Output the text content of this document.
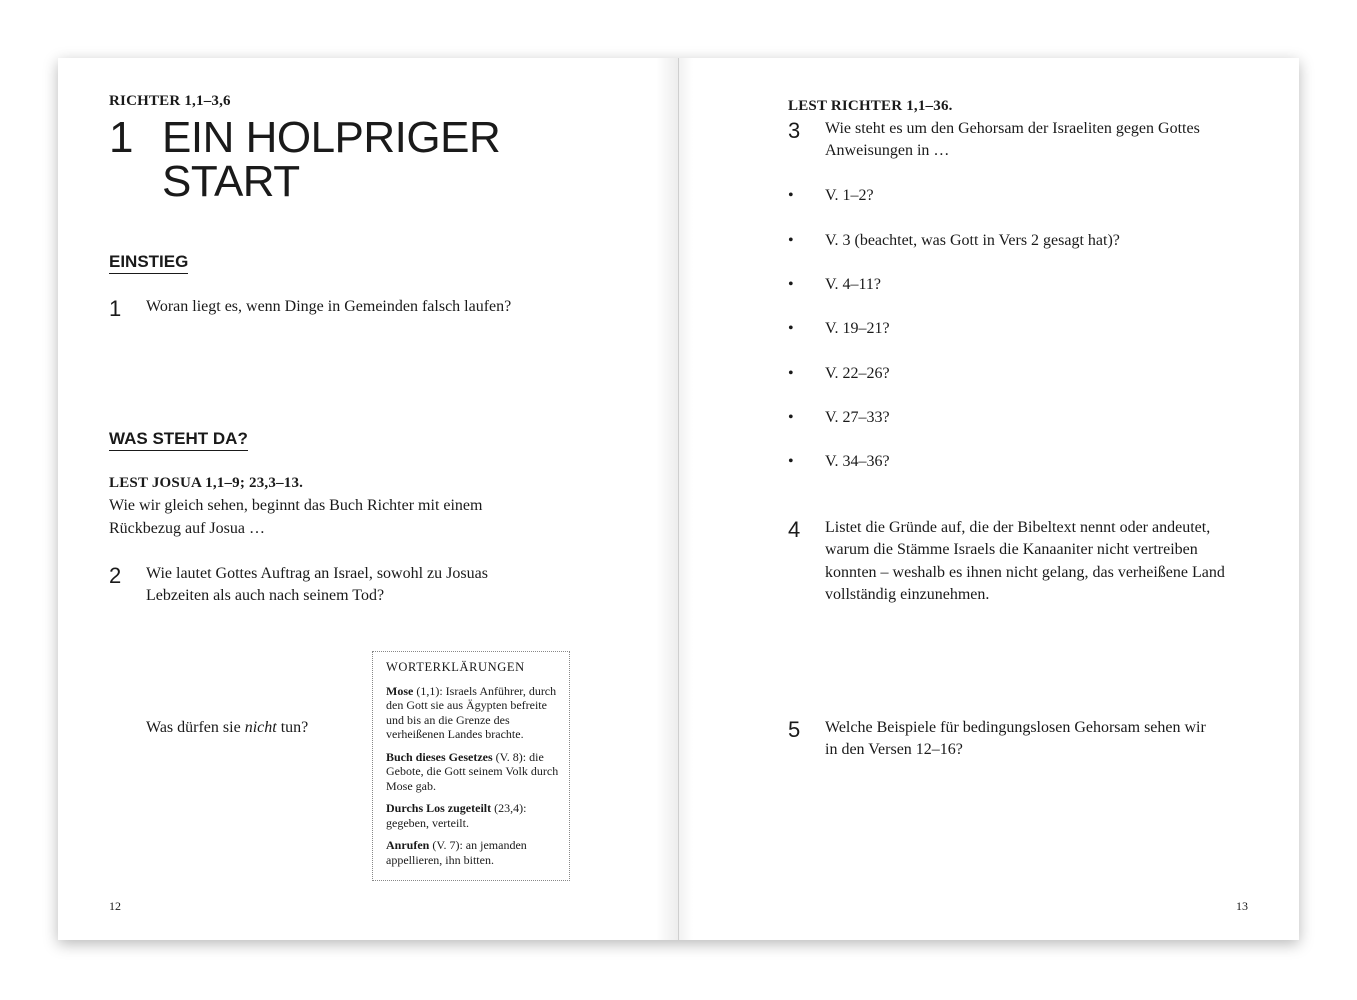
RICHTER 1,1–3,6
1 EIN HOLPRIGER
START
EINSTIEG
1 Woran liegt es, wenn Dinge in Gemeinden falsch laufen?
WAS STEHT DA?
LEST JOSUA 1,1–9; 23,3–13.
Wie wir gleich sehen, beginnt das Buch Richter mit einem
Rückbezug auf Josua …
2 Wie lautet Gottes Auftrag an Israel, sowohl zu Josuas
Lebzeiten als auch nach seinem Tod?
Was dürfen sie nicht tun?
WORTERKLÄRUNGEN

Mose (1,1): Israels Anführer, durch den Gott sie aus Ägypten befreite und bis an die Grenze des verheißenen Landes brachte.

Buch dieses Gesetzes (V. 8): die Gebote, die Gott seinem Volk durch Mose gab.

Durchs Los zugeteilt (23,4): gegeben, verteilt.

Anrufen (V. 7): an jemanden appellieren, ihn bitten.

12
LEST RICHTER 1,1–36.
3 Wie steht es um den Gehorsam der Israeliten gegen Gottes
Anweisungen in …
• V. 1–2?
• V. 3 (beachtet, was Gott in Vers 2 gesagt hat)?
• V. 4–11?
• V. 19–21?
• V. 22–26?
• V. 27–33?
• V. 34–36?
4 Listet die Gründe auf, die der Bibeltext nennt oder andeutet,
warum die Stämme Israels die Kanaaniter nicht vertreiben
konnten – weshalb es ihnen nicht gelang, das verheißene Land
vollständig einzunehmen.
5 Welche Beispiele für bedingungslosen Gehorsam sehen wir
in den Versen 12–16?
13
